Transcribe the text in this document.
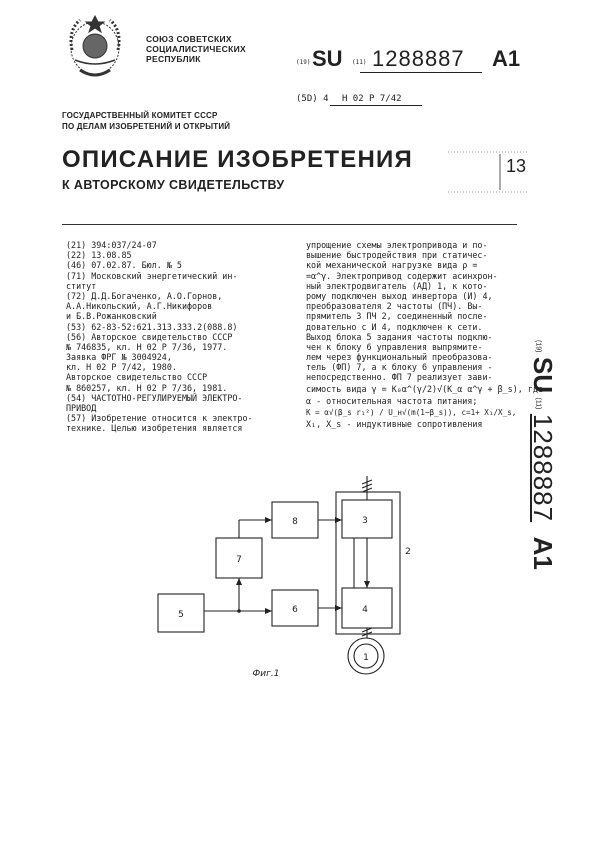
СОЮЗ СОВЕТСКИХ
СОЦИАЛИСТИЧЕСКИХ
РЕСПУБЛИК	(19) SU (11) 1288887 A1
(5D) 4 Н 02 Р 7/42
ГОСУДАРСТВЕННЫЙ КОМИТЕТ СССР
ПО ДЕЛАМ ИЗОБРЕТЕНИЙ И ОТКРЫТИЙ
ОПИСАНИЕ ИЗОБРЕТЕНИЯ
К АВТОРСКОМУ СВИДЕТЕЛЬСТВУ
13
(21) 394:037/24-07
(22) 13.08.85
(46) 07.02.87. Бюл. № 5
(71) Московский энергетический ин-
ститут
(72) Д.Д.Богаченко, А.О.Горнов,
А.А.Никольский, А.Г.Никифоров
и Б.В.Рожанковский
(53) 62-83-52:621.313.333.2(088.8)
(56) Авторское свидетельство СССР
№ 746835, кл. Н 02 Р 7/36, 1977.
Заявка ФРГ № 3004924,
кл. Н 02 Р 7/42, 1980.
Авторское свидетельство СССР
№ 860257, кл. Н 02 Р 7/36, 1981.
(54) ЧАСТОТНО-РЕГУЛИРУЕМЫЙ ЭЛЕКТРО-
ПРИВОД
(57) Изобретение относится к электро-
технике. Целью изобретения является
упрощение схемы электропривода и по-
вышение быстродействия при статичес-
кой механической нагрузке вида ρ =
=α^γ. Электропривод содержит асинхрон-
ный электродвигатель (АД) 1, к кото-
рому подключен выход инвертора (И) 4,
преобразователя 2 частоты (ПЧ). Вы-
прямитель 3 ПЧ 2, соединенный после-
довательно с И 4, подключен к сети.
Выход блока 5 задания частоты подклю-
чен к блоку 6 управления выпрямите-
лем через функциональный преобразова-
тель (ФП) 7, а к блоку 6 управления -
непосредственно. ФП 7 реализует зави-
симость вида γ = K₀α^(γ/2)√(K_α α^γ + β_s), где
α - относительная частота питания;
K = α√(β_s r₁²) / U_н√(m(1−β_s)), c=1+ X₁/X_s,
X₁, X_s - индуктивные сопротивления
(19) SU (11) 1288887 A1
3
4
8
7
6
5
1
2
Фиг.1
